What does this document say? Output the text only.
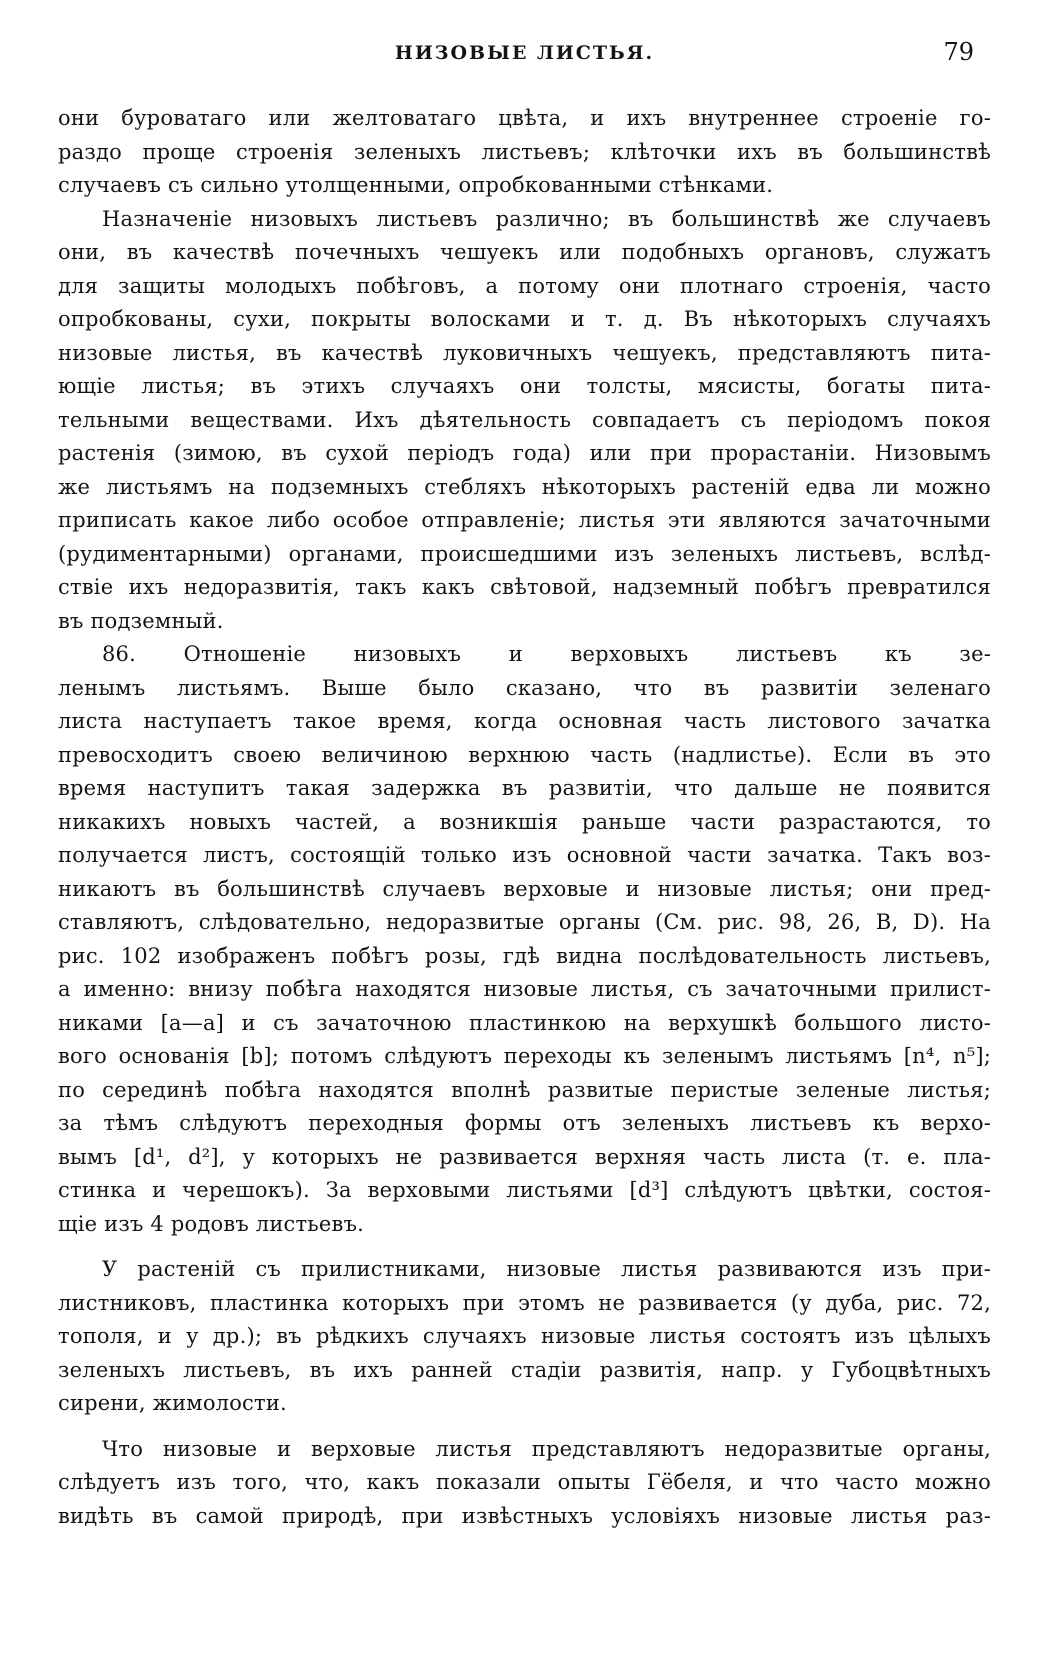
НИЗОВЫЕ ЛИСТЬЯ.	79
они буроватаго или желтоватаго цвѣта, и ихъ внутреннее строеніе го-
раздо проще строенія зеленыхъ листьевъ; клѣточки ихъ въ большинствѣ
случаевъ съ сильно утолщенными, опробкованными стѣнками.
Назначеніе низовыхъ листьевъ различно; въ большинствѣ же случаевъ
они, въ качествѣ почечныхъ чешуекъ или подобныхъ органовъ, служатъ
для защиты молодыхъ побѣговъ, а потому они плотнаго строенія, часто
опробкованы, сухи, покрыты волосками и т. д. Въ нѣкоторыхъ случаяхъ
низовые листья, въ качествѣ луковичныхъ чешуекъ, представляютъ пита-
ющіе листья; въ этихъ случаяхъ они толсты, мясисты, богаты пита-
тельными веществами. Ихъ дѣятельность совпадаетъ съ періодомъ покоя
растенія (зимою, въ сухой періодъ года) или при прорастаніи. Низовымъ
же листьямъ на подземныхъ стебляхъ нѣкоторыхъ растеній едва ли можно
приписать какое либо особое отправленіе; листья эти являются зачаточными
(рудиментарными) органами, происшедшими изъ зеленыхъ листьевъ, вслѣд-
ствіе ихъ недоразвитія, такъ какъ свѣтовой, надземный побѣгъ превратился
въ подземный.
86. Отношеніе низовыхъ и верховыхъ листьевъ къ зе-
ленымъ листьямъ. Выше было сказано, что въ развитіи зеленаго
листа наступаетъ такое время, когда основная часть листового зачатка
превосходитъ своею величиною верхнюю часть (надлистье). Если въ это
время наступитъ такая задержка въ развитіи, что дальше не появится
никакихъ новыхъ частей, а возникшія раньше части разрастаются, то
получается листъ, состоящій только изъ основной части зачатка. Такъ воз-
никаютъ въ большинствѣ случаевъ верховые и низовые листья; они пред-
ставляютъ, слѣдовательно, недоразвитые органы (См. рис. 98, 26, B, D). На
рис. 102 изображенъ побѣгъ розы, гдѣ видна послѣдовательность листьевъ,
а именно: внизу побѣга находятся низовые листья, съ зачаточными прилист-
никами [a—a] и съ зачаточною пластинкою на верхушкѣ большого листо-
вого основанія [b]; потомъ слѣдуютъ переходы къ зеленымъ листьямъ [n⁴, n⁵];
по серединѣ побѣга находятся вполнѣ развитые перистые зеленые листья;
за тѣмъ слѣдуютъ переходныя формы отъ зеленыхъ листьевъ къ верхо-
вымъ [d¹, d²], у которыхъ не развивается верхняя часть листа (т. е. пла-
стинка и черешокъ). За верховыми листьями [d³] слѣдуютъ цвѣтки, состоя-
щіе изъ 4 родовъ листьевъ.
У растеній съ прилистниками, низовые листья развиваются изъ при-
листниковъ, пластинка которыхъ при этомъ не развивается (у дуба, рис. 72,
тополя, и у др.); въ рѣдкихъ случаяхъ низовые листья состоятъ изъ цѣлыхъ
зеленыхъ листьевъ, въ ихъ ранней стадіи развитія, напр. у Губоцвѣтныхъ
сирени, жимолости.
Что низовые и верховые листья представляютъ недоразвитые органы,
слѣдуетъ изъ того, что, какъ показали опыты Гёбеля, и что часто можно
видѣть въ самой природѣ, при извѣстныхъ условіяхъ низовые листья раз-
